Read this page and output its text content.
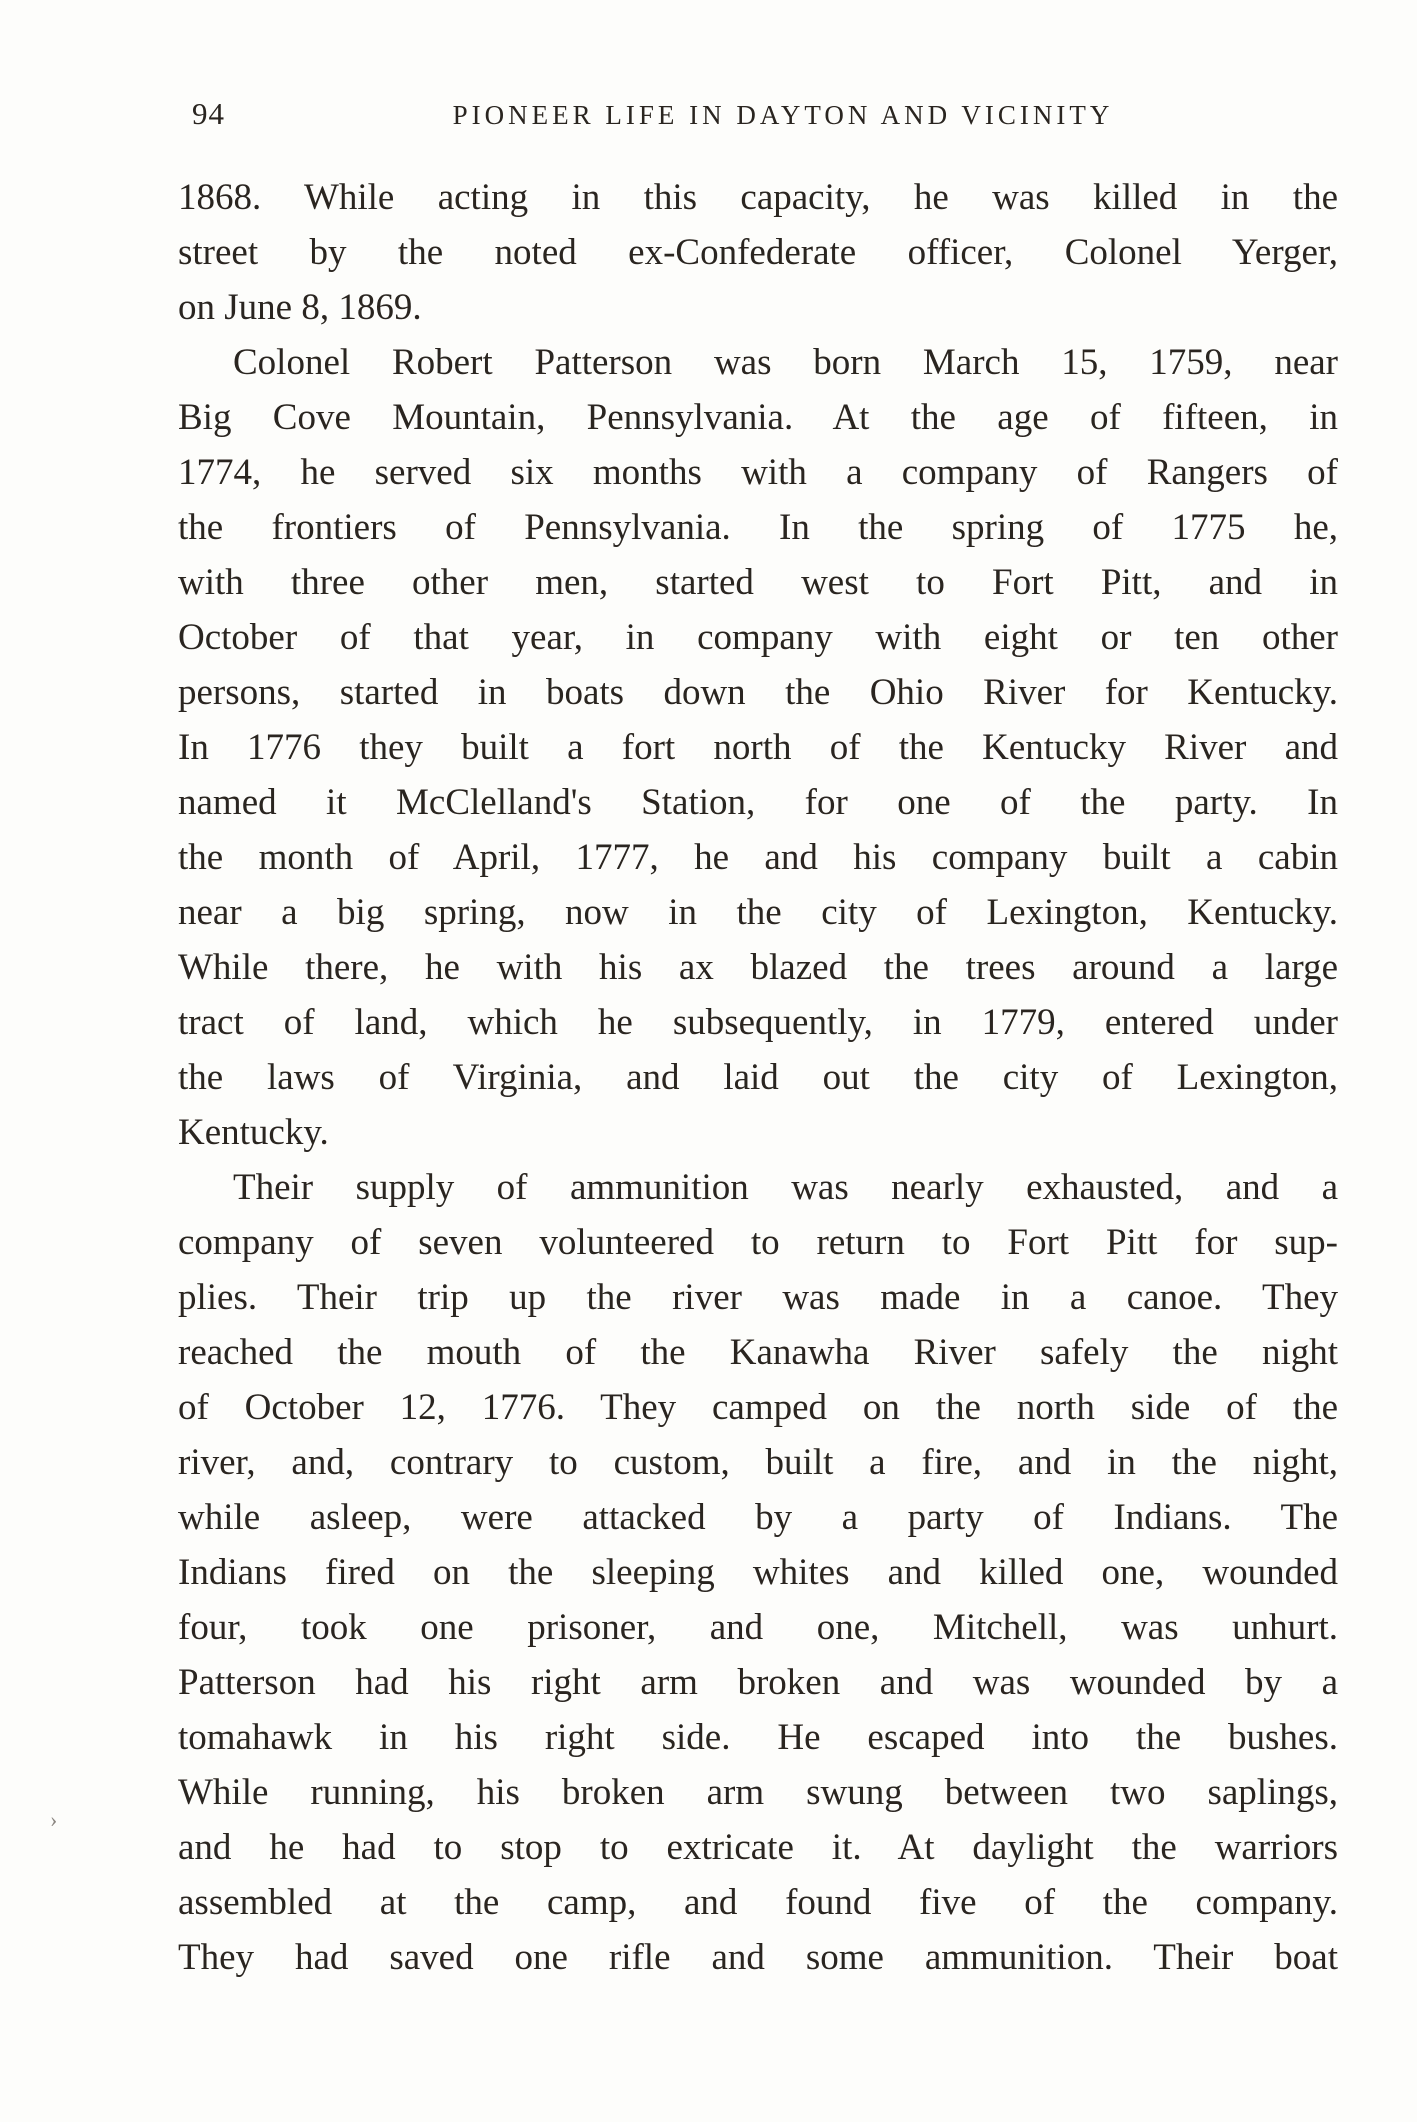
94	PIONEER LIFE IN DAYTON AND VICINITY
›
1868. While acting in this capacity, he was killed in the
street by the noted ex-Confederate officer, Colonel Yerger,
on June 8, 1869.
Colonel Robert Patterson was born March 15, 1759, near
Big Cove Mountain, Pennsylvania. At the age of fifteen, in
1774, he served six months with a company of Rangers of
the frontiers of Pennsylvania. In the spring of 1775 he,
with three other men, started west to Fort Pitt, and in
October of that year, in company with eight or ten other
persons, started in boats down the Ohio River for Kentucky.
In 1776 they built a fort north of the Kentucky River and
named it McClelland's Station, for one of the party. In
the month of April, 1777, he and his company built a cabin
near a big spring, now in the city of Lexington, Kentucky.
While there, he with his ax blazed the trees around a large
tract of land, which he subsequently, in 1779, entered under
the laws of Virginia, and laid out the city of Lexington,
Kentucky.
Their supply of ammunition was nearly exhausted, and a
company of seven volunteered to return to Fort Pitt for sup-
plies. Their trip up the river was made in a canoe. They
reached the mouth of the Kanawha River safely the night
of October 12, 1776. They camped on the north side of the
river, and, contrary to custom, built a fire, and in the night,
while asleep, were attacked by a party of Indians. The
Indians fired on the sleeping whites and killed one, wounded
four, took one prisoner, and one, Mitchell, was unhurt.
Patterson had his right arm broken and was wounded by a
tomahawk in his right side. He escaped into the bushes.
While running, his broken arm swung between two saplings,
and he had to stop to extricate it. At daylight the warriors
assembled at the camp, and found five of the company.
They had saved one rifle and some ammunition. Their boat
